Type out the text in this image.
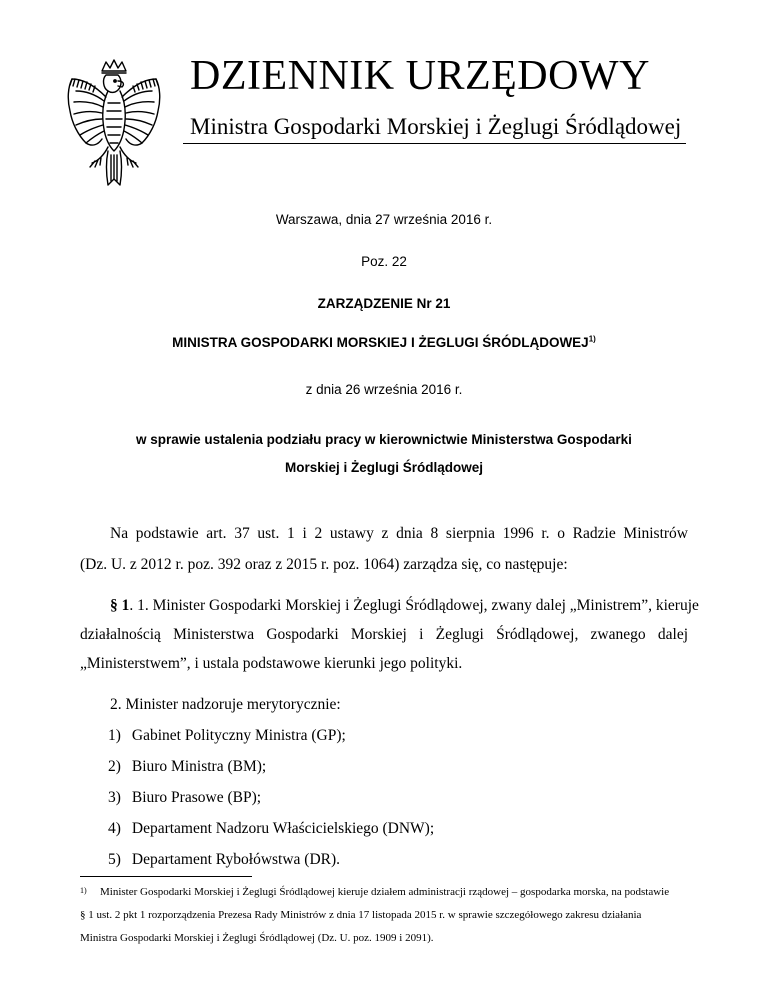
DZIENNIK URZĘDOWY
Ministra Gospodarki Morskiej i Żeglugi Śródlądowej
Warszawa, dnia 27 września 2016 r.
Poz. 22
ZARZĄDZENIE Nr 21
MINISTRA GOSPODARKI MORSKIEJ I ŻEGLUGI ŚRÓDLĄDOWEJ$^{1)}$
z dnia 26 września 2016 r.
w sprawie ustalenia podziału pracy w kierownictwie Ministerstwa Gospodarki
Morskiej i Żeglugi Śródlądowej
Na podstawie art. 37 ust. 1 i 2 ustawy z dnia 8 sierpnia 1996 r. o Radzie Ministrów
(Dz. U. z 2012 r. poz. 392 oraz z 2015 r. poz. 1064) zarządza się, co następuje:
§ 1. 1. Minister Gospodarki Morskiej i Żeglugi Śródlądowej, zwany dalej „Ministrem”, kieruje
działalnością Ministerstwa Gospodarki Morskiej i Żeglugi Śródlądowej, zwanego dalej
„Ministerstwem”, i ustala podstawowe kierunki jego polityki.
2. Minister nadzoruje merytorycznie:
1) Gabinet Polityczny Ministra (GP);
2) Biuro Ministra (BM);
3) Biuro Prasowe (BP);
4) Departament Nadzoru Właścicielskiego (DNW);
1) Minister Gospodarki Morskiej i Żeglugi Śródlądowej kieruje działem administracji rządowej – gospodarka morska, na podstawie
§ 1 ust. 2 pkt 1 rozporządzenia Prezesa Rady Ministrów z dnia 17 listopada 2015 r. w sprawie szczegółowego zakresu działania
Ministra Gospodarki Morskiej i Żeglugi Śródlądowej (Dz. U. poz. 1909 i 2091).
5) Departament Rybołówstwa (DR).
